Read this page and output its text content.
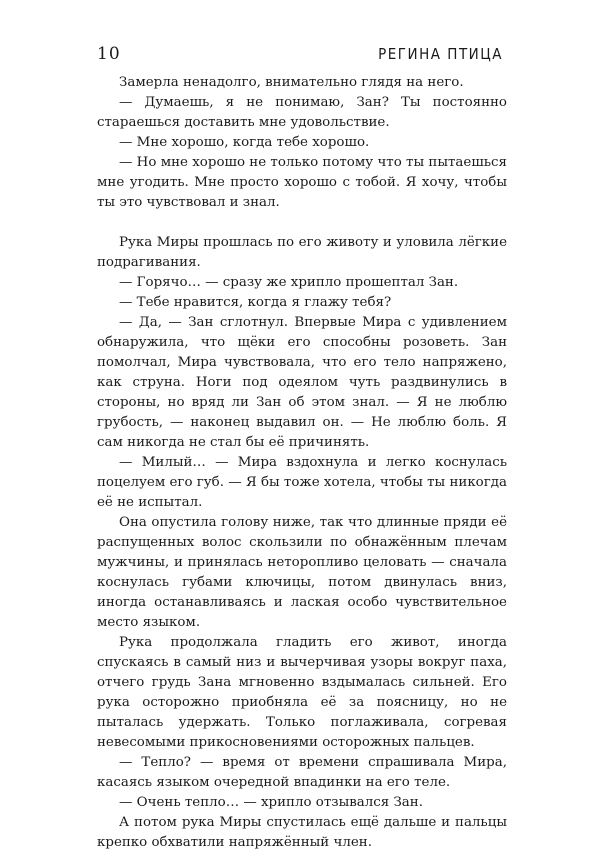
10	РЕГИНА ПТИЦА

Замерла ненадолго, внимательно глядя на него.

— Думаешь, я не понимаю, Зан? Ты постоянно стараешься доставить мне удовольствие.

— Мне хорошо, когда тебе хорошо.

— Но мне хорошо не только потому что ты пытаешься мне угодить. Мне просто хорошо с тобой. Я хочу, чтобы ты это чувствовал и знал.

Рука Миры прошлась по его животу и уловила лёгкие подрагивания.

— Горячо… — сразу же хрипло прошептал Зан.

— Тебе нравится, когда я глажу тебя?

— Да, — Зан сглотнул. Впервые Мира с удивлением обнаружила, что щёки его способны розоветь. Зан помолчал, Мира чувствовала, что его тело напряжено, как струна. Ноги под одеялом чуть раздвинулись в стороны, но вряд ли Зан об этом знал. — Я не люблю грубость, — наконец выдавил он. — Не люблю боль. Я сам никогда не стал бы её причинять.

— Милый… — Мира вздохнула и легко коснулась поцелуем его губ. — Я бы тоже хотела, чтобы ты никогда её не испытал.

Она опустила голову ниже, так что длинные пряди её распущенных волос скользили по обнажённым плечам мужчины, и принялась неторопливо целовать — сначала коснулась губами ключицы, потом двинулась вниз, иногда останавливаясь и лаская особо чувствительное место языком.

Рука продолжала гладить его живот, иногда спускаясь в самый низ и вычерчивая узоры вокруг паха, отчего грудь Зана мгновенно вздымалась сильней. Его рука осторожно приобняла её за поясницу, но не пыталась удержать. Только поглаживала, согревая невесомыми прикосновениями осторожных пальцев.

— Тепло? — время от времени спрашивала Мира, касаясь языком очередной впадинки на его теле.

— Очень тепло… — хрипло отзывался Зан.

А потом рука Миры спустилась ещё дальше и пальцы крепко обхватили напряжённый член.
